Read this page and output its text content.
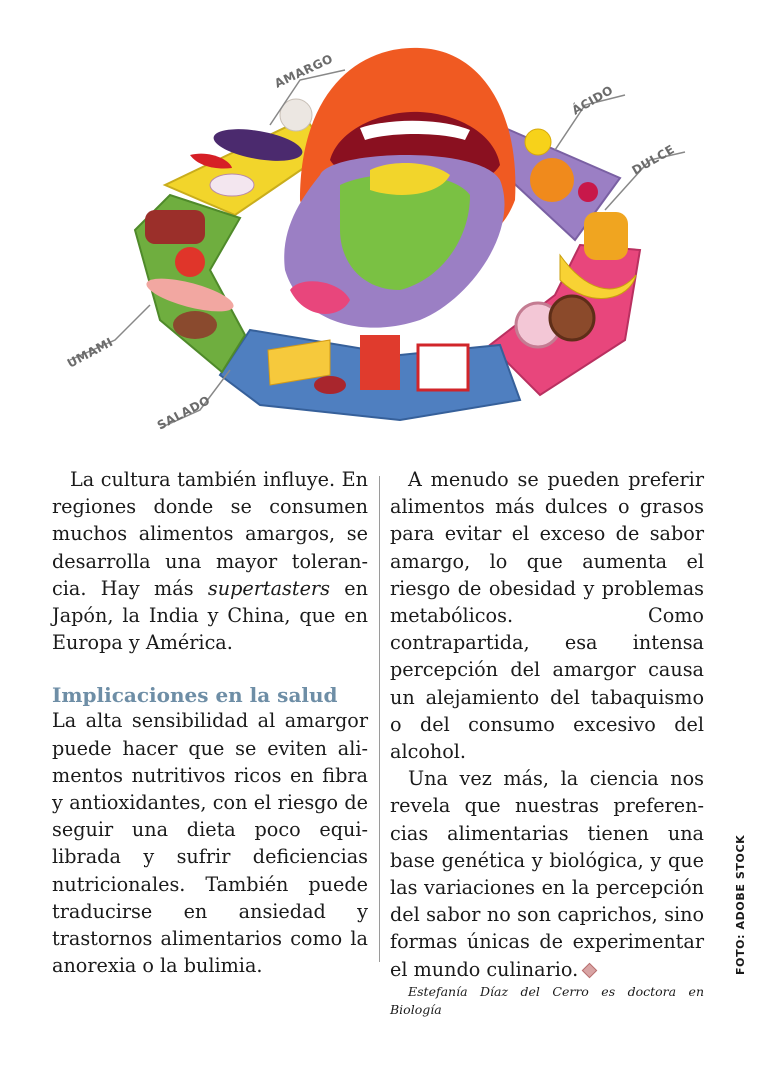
AMARGO
ÁCIDO
DULCE
UMAMI
SALADO

La cultura también influye. En regiones donde se consumen muchos alimentos amargos, se desarrolla una mayor tolerancia. Hay más supertasters en Japón, la India y China, que en Europa y América.

Implicaciones en la salud

La alta sensibilidad al amargor puede hacer que se eviten alimentos nutritivos ricos en fibra y antioxidantes, con el riesgo de seguir una dieta poco equilibrada y sufrir deficiencias nutricionales. También puede traducirse en ansiedad y trastornos alimentarios como la anorexia o la bulimia.

A menudo se pueden preferir alimentos más dulces o grasos para evitar el exceso de sabor amargo, lo que aumenta el riesgo de obesidad y problemas metabólicos. Como contrapartida, esa intensa percepción del amargor causa un alejamiento del tabaquismo o del consumo excesivo del alcohol.

Una vez más, la ciencia nos revela que nuestras preferencias alimentarias tienen una base genética y biológica, y que las variaciones en la percepción del sabor no son caprichos, sino formas únicas de experimentar el mundo culinario.

Estefanía Díaz del Cerro es doctora en Biología

FOTO: ADOBE STOCK
